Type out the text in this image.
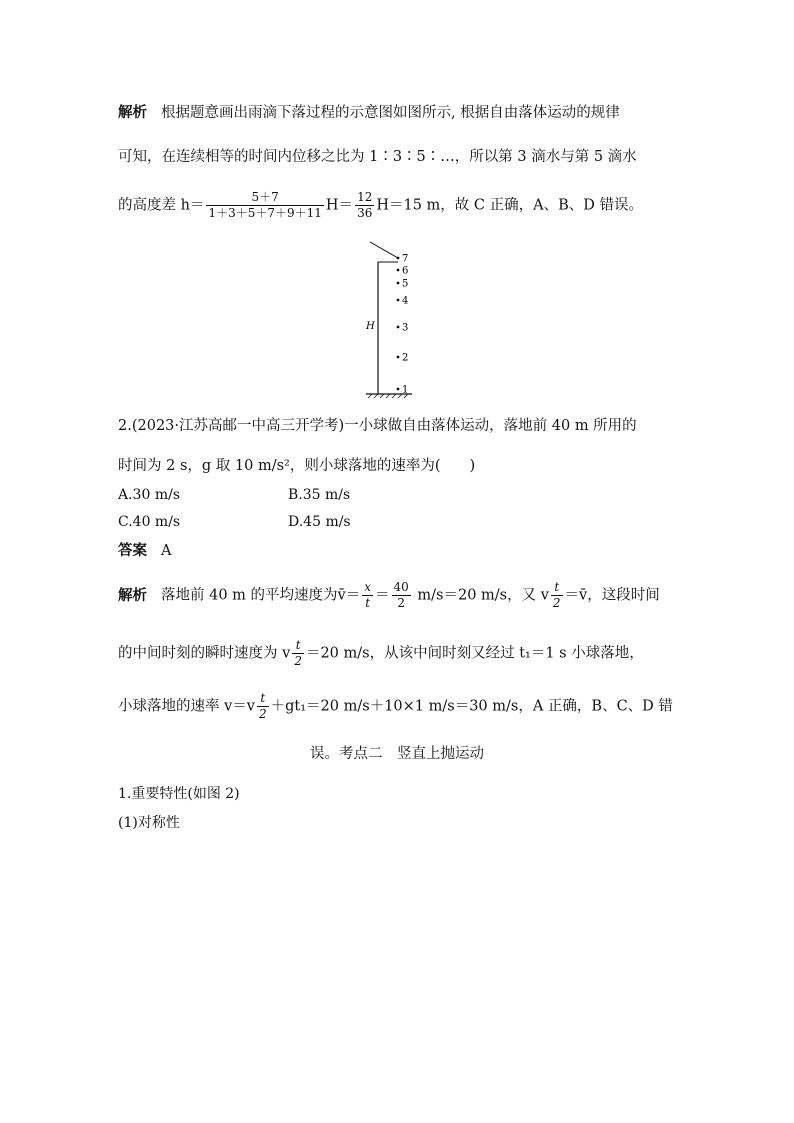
解析 根据题意画出雨滴下落过程的示意图如图所示, 根据自由落体运动的规律
可知，在连续相等的时间内位移之比为 1∶3∶5∶…，所以第 3 滴水与第 5 滴水
的高度差 $h= \frac{5+7}{1+3+5+7+9+11} H= \frac{12}{36} H=15$ m，故 C 正确，A、B、D 错误。
H
7
6
5
4
3
2
1
2.(2023·江苏高邮一中高三开学考)一小球做自由落体运动，落地前 40 m 所用的
时间为 2 s，g 取 10 m/s²，则小球落地的速率为(　　)
A.30 m/s	B.35 m/s
C.40 m/s	D.45 m/s
答案 A
解析 落地前 40 m 的平均速度为v̄＝ $\frac{x}{t} = \frac{40}{2} m/s=20$ m/s，又 v $\frac{t}{2}$ ＝v̄，这段时间
的中间时刻的瞬时速度为 v $\frac{t}{2} =20$ m/s，从该中间时刻又经过 t₁＝1 s 小球落地，
小球落地的速率 $v=v \frac{t}{2} +gt_1=20$ m/s＋10×1 m/s＝30 m/s，A 正确，B、C、D 错
误。考点二　竖直上抛运动
1.重要特性(如图 2)
(1)对称性
